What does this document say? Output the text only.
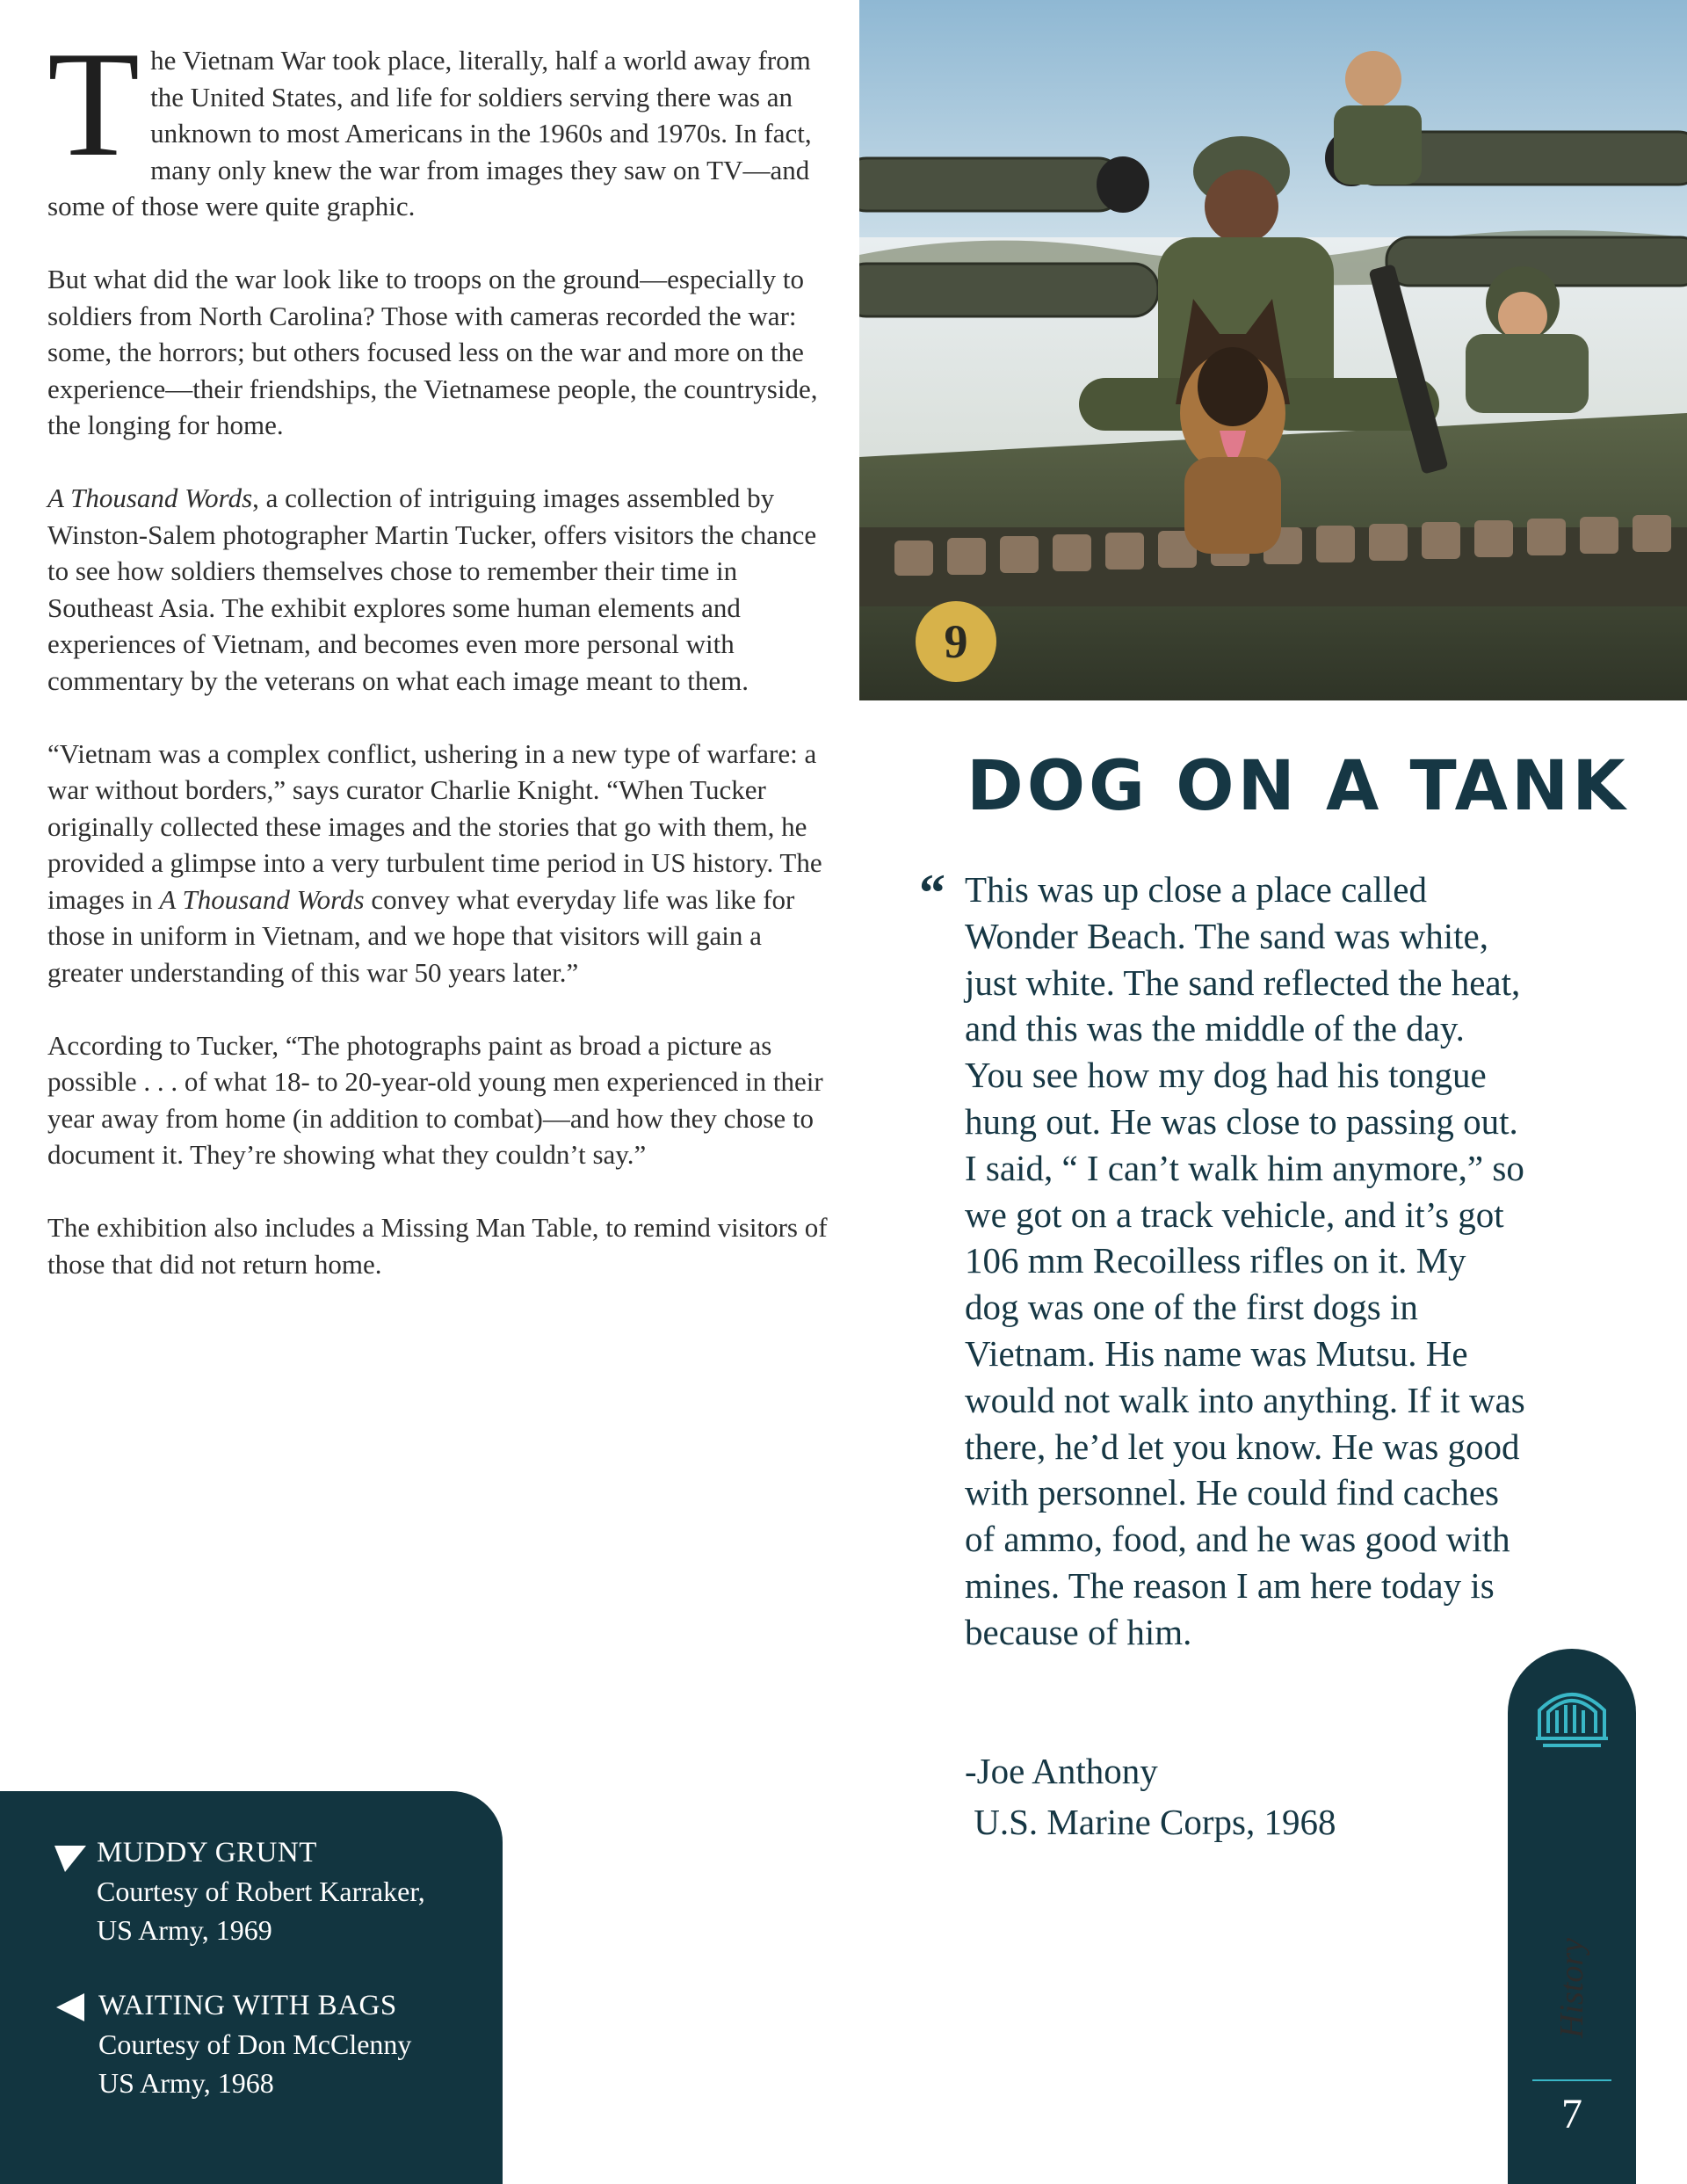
The Vietnam War took place, literally, half a world away from the United States, and life for soldiers serving there was an unknown to most Americans in the 1960s and 1970s. In fact, many only knew the war from images they saw on TV—and some of those were quite graphic.

But what did the war look like to troops on the ground—especially to soldiers from North Carolina? Those with cameras recorded the war: some, the horrors; but others focused less on the war and more on the experience—their friendships, the Vietnamese people, the countryside, the longing for home.

A Thousand Words, a collection of intriguing images assembled by Winston-Salem photographer Martin Tucker, offers visitors the chance to see how soldiers themselves chose to remember their time in Southeast Asia. The exhibit explores some human elements and experiences of Vietnam, and becomes even more personal with commentary by the veterans on what each image meant to them.

“Vietnam was a complex conflict, ushering in a new type of warfare: a war without borders,” says curator Charlie Knight. “When Tucker originally collected these images and the stories that go with them, he provided a glimpse into a very turbulent time period in US history. The images in A Thousand Words convey what everyday life was like for those in uniform in Vietnam, and we hope that visitors will gain a greater understanding of this war 50 years later.”

According to Tucker, “The photographs paint as broad a picture as possible . . . of what 18- to 20-year-old young men experienced in their year away from home (in addition to combat)—and how they chose to document it. They’re showing what they couldn’t say.”

The exhibition also includes a Missing Man Table, to remind visitors of those that did not return home.

9
DOG ON A TANK
“ This was up close a place called Wonder Beach. The sand was white, just white. The sand reflected the heat, and this was the middle of the day. You see how my dog had his tongue hung out. He was close to passing out. I said, “ I can’t walk him anymore,” so we got on a track vehicle, and it’s got 106 mm Recoilless rifles on it. My dog was one of the first dogs in Vietnam. His name was Mutsu. He would not walk into anything. If it was there, he’d let you know. He was good with personnel. He could find caches of ammo, food, and he was good with mines. The reason I am here today is because of him.

-Joe Anthony
U.S. Marine Corps, 1968
MUDDY GRUNT
Courtesy of Robert Karraker,
US Army, 1969
WAITING WITH BAGS
Courtesy of Don McClenny
US Army, 1968
7
History
